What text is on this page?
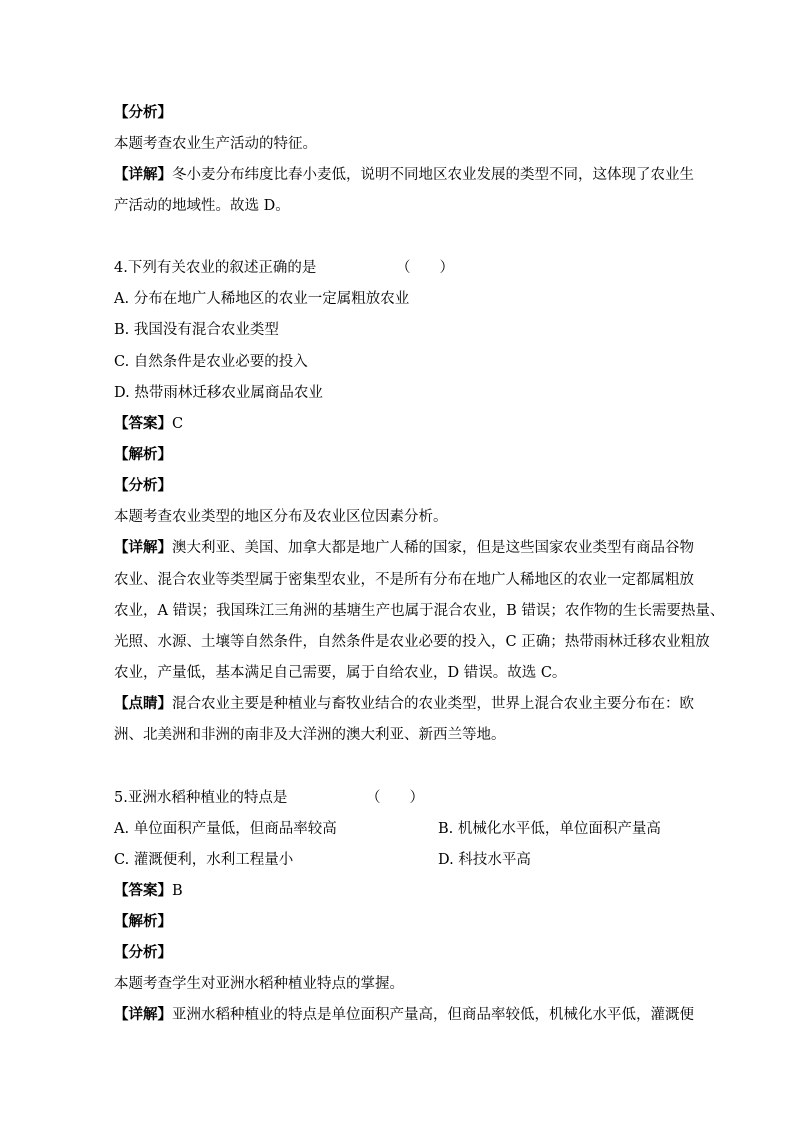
【分析】
本题考查农业生产活动的特征。
【详解】冬小麦分布纬度比春小麦低，说明不同地区农业发展的类型不同，这体现了农业生
产活动的地域性。故选 D。
4.下列有关农业的叙述正确的是	（　　）
A. 分布在地广人稀地区的农业一定属粗放农业
B. 我国没有混合农业类型
C. 自然条件是农业必要的投入
D. 热带雨林迁移农业属商品农业
【答案】C
【解析】
【分析】
本题考查农业类型的地区分布及农业区位因素分析。
【详解】澳大利亚、美国、加拿大都是地广人稀的国家，但是这些国家农业类型有商品谷物
农业、混合农业等类型属于密集型农业，不是所有分布在地广人稀地区的农业一定都属粗放
农业，A 错误；我国珠江三角洲的基塘生产也属于混合农业，B 错误；农作物的生长需要热量、
光照、水源、土壤等自然条件，自然条件是农业必要的投入，C 正确；热带雨林迁移农业粗放
农业，产量低，基本满足自己需要，属于自给农业，D 错误。故选 C。
【点睛】混合农业主要是种植业与畜牧业结合的农业类型，世界上混合农业主要分布在：欧
洲、北美洲和非洲的南非及大洋洲的澳大利亚、新西兰等地。
5.亚洲水稻种植业的特点是	（　　）
A. 单位面积产量低，但商品率较高	B. 机械化水平低，单位面积产量高
C. 灌溉便利，水利工程量小	D. 科技水平高
【答案】B
【解析】
【分析】
本题考查学生对亚洲水稻种植业特点的掌握。
【详解】亚洲水稻种植业的特点是单位面积产量高，但商品率较低，机械化水平低，灌溉便
